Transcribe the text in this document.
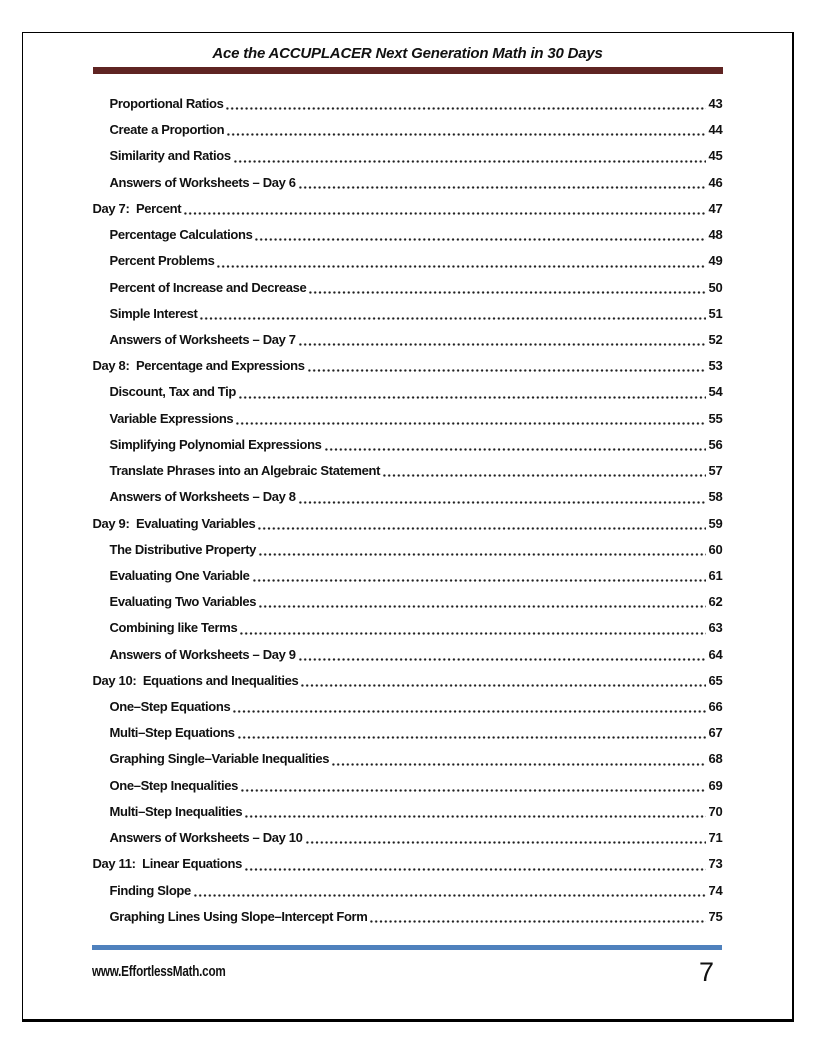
Ace the ACCUPLACER Next Generation Math in 30 Days
Proportional Ratios	43
Create a Proportion	44
Similarity and Ratios	45
Answers of Worksheets – Day 6	46
Day 7:  Percent	47
Percentage Calculations	48
Percent Problems	49
Percent of Increase and Decrease	50
Simple Interest	51
Answers of Worksheets – Day 7	52
Day 8:  Percentage and Expressions	53
Discount, Tax and Tip	54
Variable Expressions	55
Simplifying Polynomial Expressions	56
Translate Phrases into an Algebraic Statement	57
Answers of Worksheets – Day 8	58
Day 9:  Evaluating Variables	59
The Distributive Property	60
Evaluating One Variable	61
Evaluating Two Variables	62
Combining like Terms	63
Answers of Worksheets – Day 9	64
Day 10:  Equations and Inequalities	65
One–Step Equations	66
Multi–Step Equations	67
Graphing Single–Variable Inequalities	68
One–Step Inequalities	69
Multi–Step Inequalities	70
Answers of Worksheets – Day 10	71
Day 11:  Linear Equations	73
Finding Slope	74
Graphing Lines Using Slope–Intercept Form	75
www.EffortlessMath.com	7
